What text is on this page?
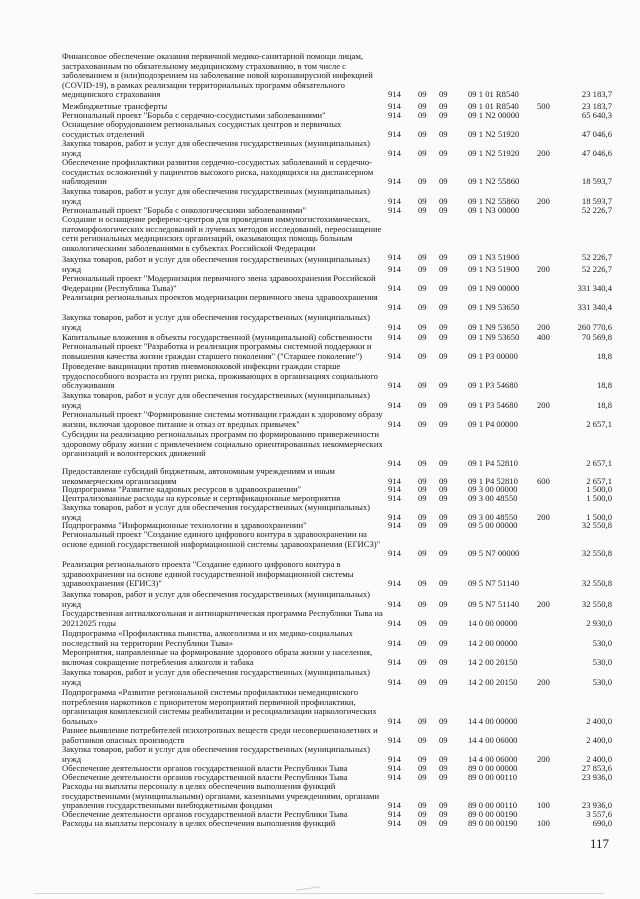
Финансовое обеспечение оказания первичной медико-санитарной помощи лицам, застрахованным по обязательному медицинскому страхованию, в том числе с заболеванием и (или)подозрением на заболевание новой коронавирусной инфекцией (COVID-19), в рамках реализации территориальных программ обязательного медицинского страхования	914	09	09	09 1 01 R8540	23 183,7
Межбюджетные трансферты	914	09	09	09 1 01 R8540	500	23 183,7
Региональный проект "Борьба с сердечно-сосудистыми заболеваниями"	914	09	09	09 1 N2 00000	65 640,3
Оснащение оборудованием региональных сосудистых центров и первичных сосудистых отделений	914	09	09	09 1 N2 51920	47 046,6
Закупка товаров, работ и услуг для обеспечения государственных (муниципальных) нужд	914	09	09	09 1 N2 51920	200	47 046,6
Обеспечение профилактики развития сердечно-сосудистых заболеваний и сердечно-сосудистых осложнений у пациентов высокого риска, находящихся на диспансерном наблюдении	914	09	09	09 1 N2 55860	18 593,7
Закупка товаров, работ и услуг для обеспечения государственных (муниципальных) нужд	914	09	09	09 1 N2 55860	200	18 593,7
Региональный проект "Борьба с онкологическими заболеваниями"	914	09	09	09 1 N3 00000	52 226,7
Создание и оснащение референс-центров для проведения иммуногистохимических, патоморфологических исследований и лучевых методов исследований, переоснащение сети региональных медицинских организаций, оказывающих помощь больным онкологическими заболеваниями в субъектах Российской Федерации
914	09	09	09 1 N3 51900	52 226,7
Закупка товаров, работ и услуг для обеспечения государственных (муниципальных) нужд	914	09	09	09 1 N3 51900	200	52 226,7
Региональный проект "Модернизация первичного звена здравоохранения Российской Федерации (Республика Тыва)"	914	09	09	09 1 N9 00000	331 340,4
Реализация региональных проектов модернизации первичного звена здравоохранения
914	09	09	09 1 N9 53650	331 340,4
Закупка товаров, работ и услуг для обеспечения государственных (муниципальных) нужд	914	09	09	09 1 N9 53650	200	260 770,6
Капитальные вложения в объекты государственной (муниципальной) собственности	914	09	09	09 1 N9 53650	400	70 569,8
Региональный проект "Разработка и реализация программы системной поддержки и повышения качества жизни граждан старшего поколения" ("Старшее поколение")	914	09	09	09 1 P3 00000	18,8
Проведение вакцинации против пневмококковой инфекции граждан старше трудоспособного возраста из групп риска, проживающих в организациях социального обслуживания	914	09	09	09 1 P3 54680	18,8
Закупка товаров, работ и услуг для обеспечения государственных (муниципальных) нужд	914	09	09	09 1 P3 54680	200	18,8
Региональный проект "Формирование системы мотивации граждан к здоровому образу жизни, включая здоровое питание и отказ от вредных привычек"	914	09	09	09 1 P4 00000	2 657,1
Субсидии на реализацию региональных программ по формированию приверженности здоровому образу жизни с привлечением социально ориентированных некоммерческих организаций и волонтерских движений
914	09	09	09 1 P4 52810	2 657,1
Предоставление субсидий бюджетным, автономным учреждениям и иным некоммерческим организациям	914	09	09	09 1 P4 52810	600	2 657,1
Подпрограмма "Развитие кадровых ресурсов в здравоохранении"	914	09	09	09 3 00 00000	1 500,0
Централизованные расходы на курсовые и сертификационные мероприятия	914	09	09	09 3 00 48550	1 500,0
Закупка товаров, работ и услуг для обеспечения государственных (муниципальных) нужд	914	09	09	09 3 00 48550	200	1 500,0
Подпрограмма "Информационные технологии в здравоохранении"	914	09	09	09 5 00 00000	32 550,8
Региональный проект "Создание единого цифрового контура в здравоохранении на основе единой государственной информационной системы здравоохранения (ЕГИСЗ)"
914	09	09	09 5 N7 00000	32 550,8
Реализация регионального проекта "Создание единого цифрового контура в здравоохранении на основе единой государственной информационной системы здравоохранения (ЕГИСЗ)"	914	09	09	09 5 N7 51140	32 550,8
Закупка товаров, работ и услуг для обеспечения государственных (муниципальных) нужд	914	09	09	09 5 N7 51140	200	32 550,8
Государственная антиалкогольная и антинаркотическая программа Республики Тыва на 20212025 годы	914	09	09	14 0 00 00000	2 930,0
Подпрограмма «Профилактика пьянства, алкоголизма и их медико-социальных последствий на территории Республики Тыва»	914	09	09	14 2 00 00000	530,0
Мероприятия, направленные на формирование здорового образа жизни у населения, включая сокращение потребления алкоголя и табака	914	09	09	14 2 00 20150	530,0
Закупка товаров, работ и услуг для обеспечения государственных (муниципальных) нужд	914	09	09	14 2 00 20150	200	530,0
Подпрограмма «Развитие региональной системы профилактики немедицинского потребления наркотиков с приоритетом мероприятий первичной профилактики, организация комплексной системы реабилитации и ресоциализации наркологических больных»	914	09	09	14 4 00 00000	2 400,0
Раннее выявление потребителей психотропных веществ среди несовершеннолетних и работников опасных производств	914	09	09	14 4 00 06000	2 400,0
Закупка товаров, работ и услуг для обеспечения государственных (муниципальных) нужд	914	09	09	14 4 00 06000	200	2 400,0
Обеспечение деятельности органов государственной власти Республики Тыва	914	09	09	89 0 00 00000	27 853,6
Обеспечение деятельности органов государственной власти Республики Тыва	914	09	09	89 0 00 00110	23 936,0
Расходы на выплаты персоналу в целях обеспечения выполнения функций государственными (муниципальными) органами, казенными учреждениями, органами управления государственными внебюджетными фондами	914	09	09	89 0 00 00110	100	23 936,0
Обеспечение деятельности органов государственной власти Республики Тыва	914	09	09	89 0 00 00190	3 557,6
Расходы на выплаты персоналу в целях обеспечения выполнения функций	914	09	09	89 0 00 00190	100	690,0
117
